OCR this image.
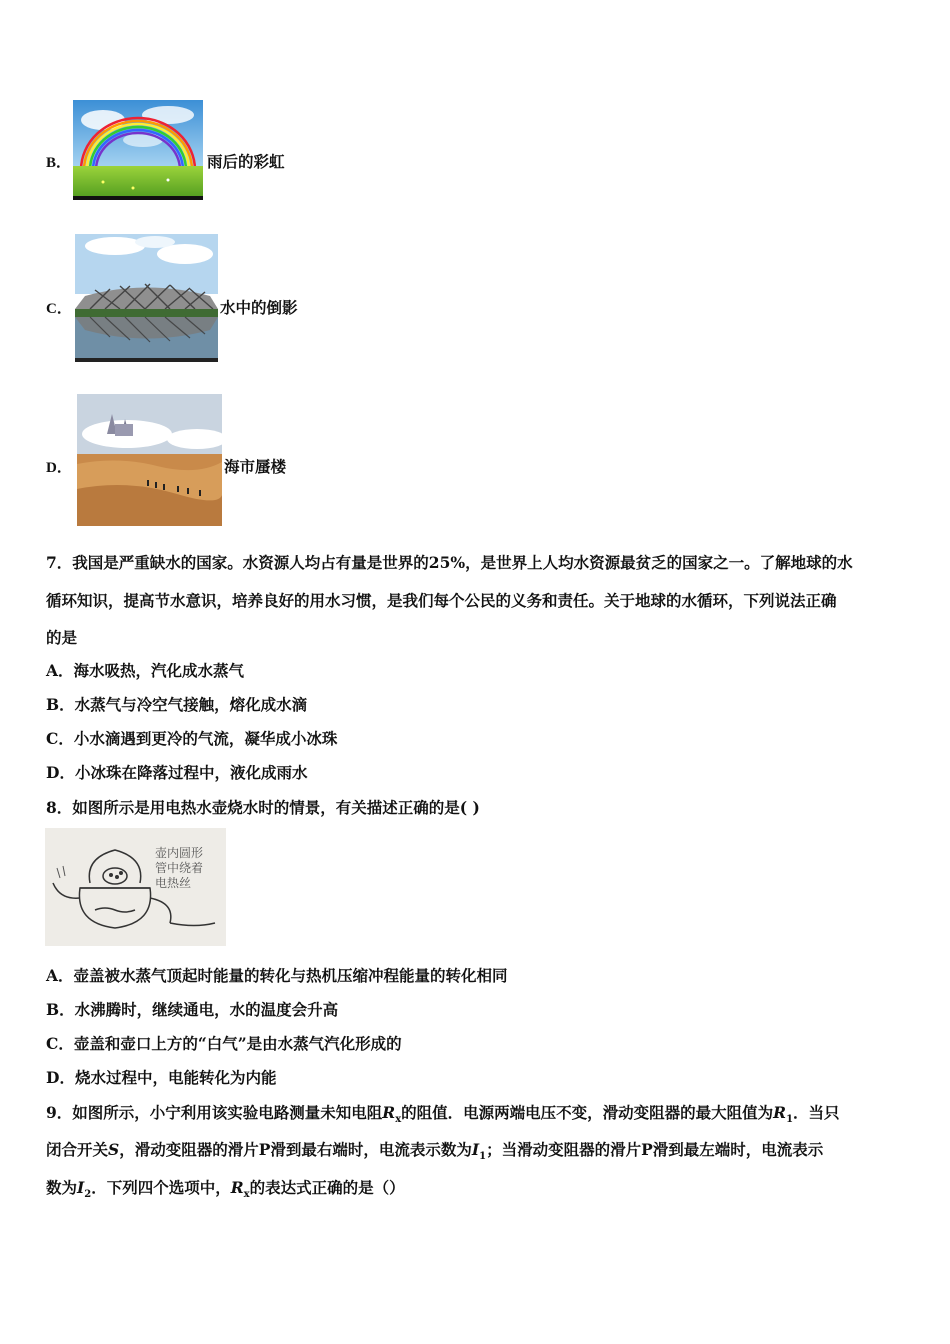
B．	雨后的彩虹
C．	水中的倒影
D．	海市蜃楼
7．我国是严重缺水的国家。水资源人均占有量是世界的25%，是世界上人均水资源最贫乏的国家之一。了解地球的水
循环知识，提高节水意识，培养良好的用水习惯，是我们每个公民的义务和责任。关于地球的水循环，下列说法正确
的是
A．海水吸热，汽化成水蒸气
B．水蒸气与冷空气接触，熔化成水滴
C．小水滴遇到更冷的气流，凝华成小冰珠
D．小冰珠在降落过程中，液化成雨水
8．如图所示是用电热水壶烧水时的情景，有关描述正确的是( )
壶内圆形
管中绕着
电热丝
A．壶盖被水蒸气顶起时能量的转化与热机压缩冲程能量的转化相同
B．水沸腾时，继续通电，水的温度会升高
C．壶盖和壶口上方的“白气”是由水蒸气汽化形成的
D．烧水过程中，电能转化为内能
9．如图所示，小宁利用该实验电路测量未知电阻$R_x$的阻值．电源两端电压不变，滑动变阻器的最大阻值为$R_1$．当只
闭合开关S，滑动变阻器的滑片P滑到最右端时，电流表示数为$I_1$；当滑动变阻器的滑片P滑到最左端时，电流表示
数为$I_2$．下列四个选项中，$R_x$的表达式正确的是（）
